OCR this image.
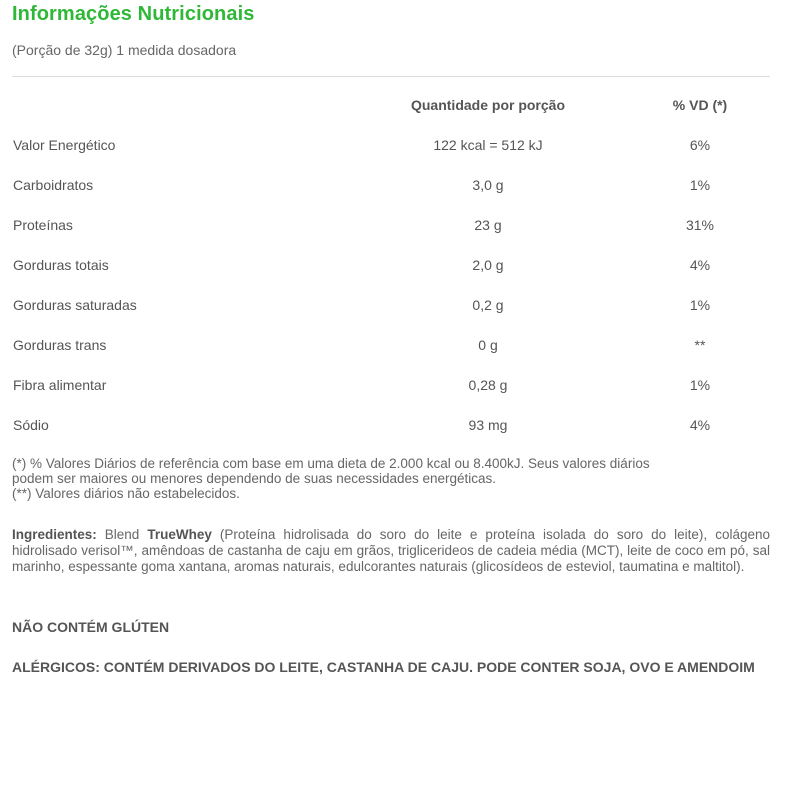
Informações Nutricionais
(Porção de 32g) 1 medida dosadora
Quantidade por porção	% VD (*)
Valor Energético	122 kcal = 512 kJ	6%
Carboidratos	3,0 g	1%
Proteínas	23 g	31%
Gorduras totais	2,0 g	4%
Gorduras saturadas	0,2 g	1%
Gorduras trans	0 g	**
Fibra alimentar	0,28 g	1%
Sódio	93 mg	4%
(*) % Valores Diários de referência com base em uma dieta de 2.000 kcal ou 8.400kJ. Seus valores diários
podem ser maiores ou menores dependendo de suas necessidades energéticas.
(**) Valores diários não estabelecidos.
Ingredientes: Blend TrueWhey (Proteína hidrolisada do soro do leite e proteína isolada do soro do leite), colágeno hidrolisado verisol™, amêndoas de castanha de caju em grãos, triglicerideos de cadeia média (MCT), leite de coco em pó, sal marinho, espessante goma xantana, aromas naturais, edulcorantes naturais (glicosídeos de esteviol, taumatina e maltitol).
NÃO CONTÉM GLÚTEN
ALÉRGICOS: CONTÉM DERIVADOS DO LEITE, CASTANHA DE CAJU. PODE CONTER SOJA, OVO E AMENDOIM
